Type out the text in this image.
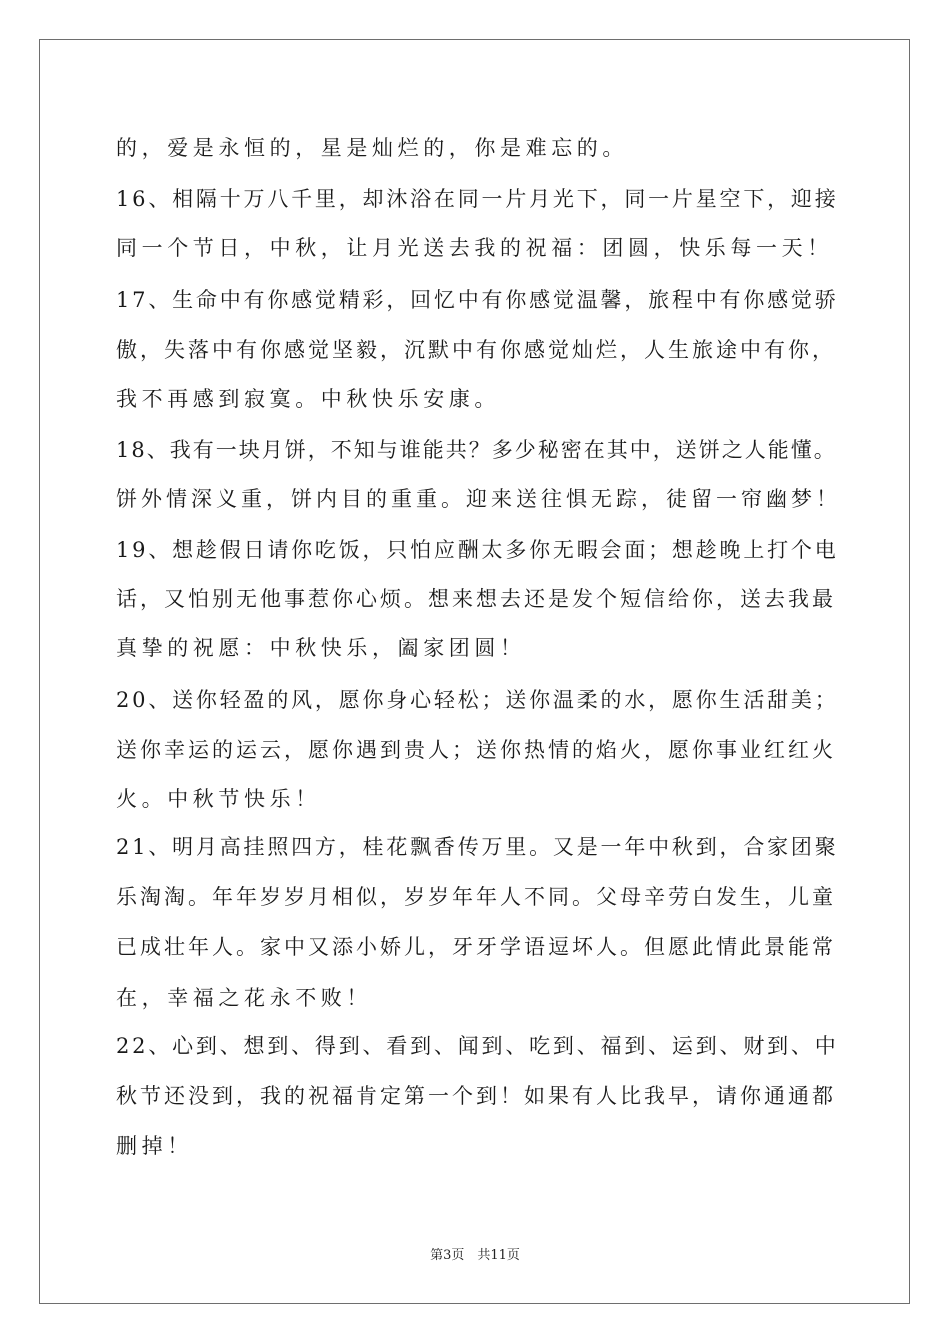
的，爱是永恒的，星是灿烂的，你是难忘的。
16、相隔十万八千里，却沐浴在同一片月光下，同一片星空下，迎接
同一个节日，中秋，让月光送去我的祝福：团圆，快乐每一天！
17、生命中有你感觉精彩，回忆中有你感觉温馨，旅程中有你感觉骄
傲，失落中有你感觉坚毅，沉默中有你感觉灿烂，人生旅途中有你，
我不再感到寂寞。中秋快乐安康。
18、我有一块月饼，不知与谁能共？多少秘密在其中，送饼之人能懂。
饼外情深义重，饼内目的重重。迎来送往惧无踪，徒留一帘幽梦！
19、想趁假日请你吃饭，只怕应酬太多你无暇会面；想趁晚上打个电
话，又怕别无他事惹你心烦。想来想去还是发个短信给你，送去我最
真挚的祝愿：中秋快乐，阖家团圆！
20、送你轻盈的风，愿你身心轻松；送你温柔的水，愿你生活甜美；
送你幸运的运云，愿你遇到贵人；送你热情的焰火，愿你事业红红火
火。中秋节快乐！
21、明月高挂照四方，桂花飘香传万里。又是一年中秋到，合家团聚
乐淘淘。年年岁岁月相似，岁岁年年人不同。父母辛劳白发生，儿童
已成壮年人。家中又添小娇儿，牙牙学语逗坏人。但愿此情此景能常
在，幸福之花永不败！
22、心到、想到、得到、看到、闻到、吃到、福到、运到、财到、中
秋节还没到，我的祝福肯定第一个到！如果有人比我早，请你通通都
删掉！
第3页　共11页
